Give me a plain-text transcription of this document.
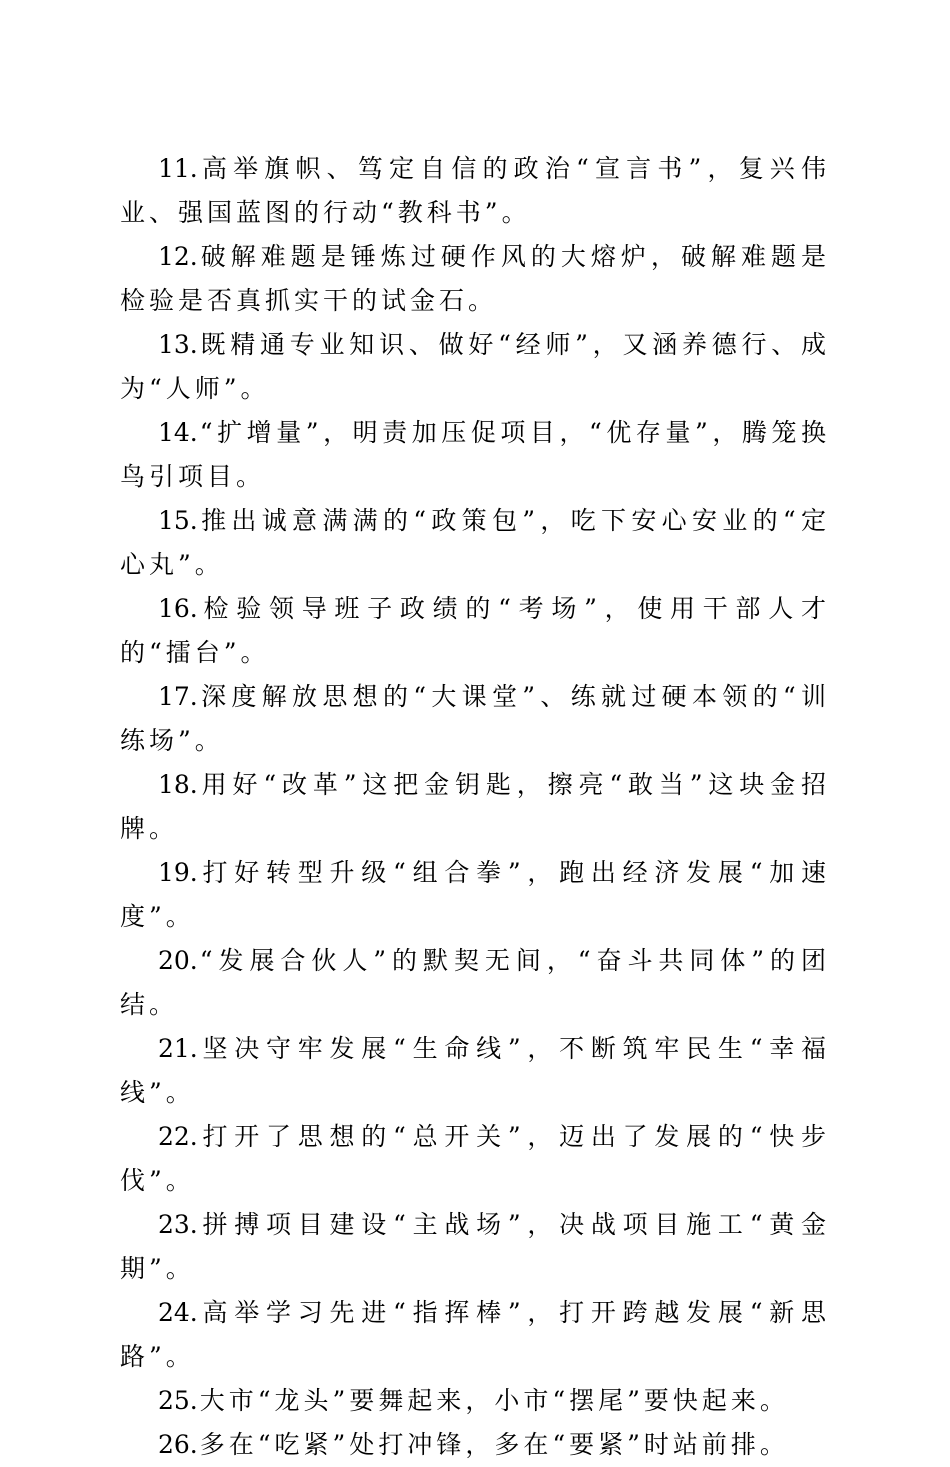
11.高举旗帜、笃定自信的政治“宣言书”，复兴伟业、强国蓝图的行动“教科书”。

12.破解难题是锤炼过硬作风的大熔炉，破解难题是检验是否真抓实干的试金石。

13.既精通专业知识、做好“经师”，又涵养德行、成为“人师”。

14.“扩增量”，明责加压促项目，“优存量”，腾笼换鸟引项目。

15.推出诚意满满的“政策包”，吃下安心安业的“定心丸”。

16.检验领导班子政绩的“考场”，使用干部人才的“擂台”。

17.深度解放思想的“大课堂”、练就过硬本领的“训练场”。

18.用好“改革”这把金钥匙，擦亮“敢当”这块金招牌。

19.打好转型升级“组合拳”，跑出经济发展“加速度”。

20.“发展合伙人”的默契无间，“奋斗共同体”的团结。

21.坚决守牢发展“生命线”，不断筑牢民生“幸福线”。

22.打开了思想的“总开关”，迈出了发展的“快步伐”。

23.拼搏项目建设“主战场”，决战项目施工“黄金期”。

24.高举学习先进“指挥棒”，打开跨越发展“新思路”。

25.大市“龙头”要舞起来，小市“摆尾”要快起来。

26.多在“吃紧”处打冲锋，多在“要紧”时站前排。
